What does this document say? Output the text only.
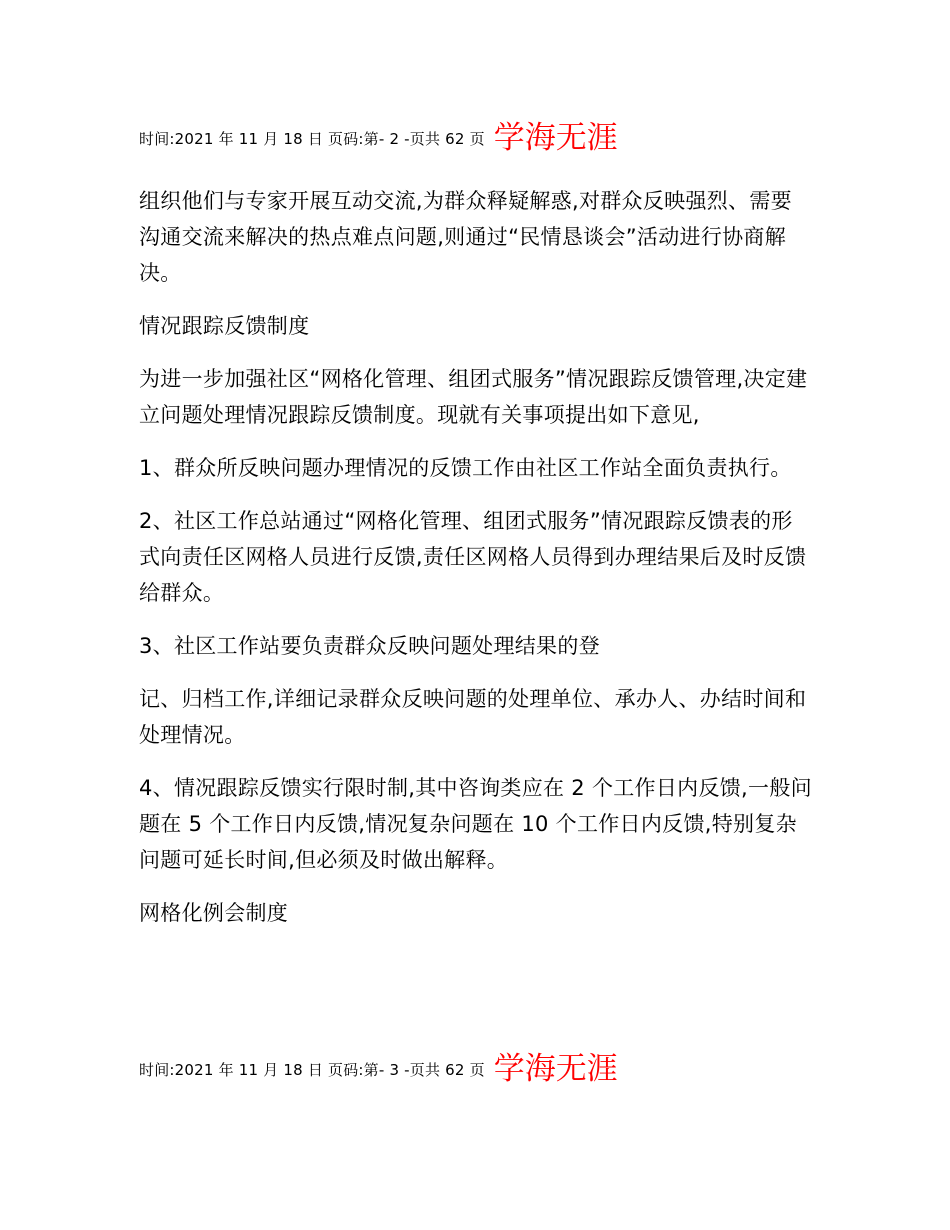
时间:2021 年 11 月 18 日 页码:第- 2 -页共 62 页 学海无涯

组织他们与专家开展互动交流,为群众释疑解惑,对群众反映强烈、需要沟通交流来解决的热点难点问题,则通过“民情恳谈会”活动进行协商解决。

情况跟踪反馈制度

为进一步加强社区“网格化管理、组团式服务”情况跟踪反馈管理,决定建立问题处理情况跟踪反馈制度。现就有关事项提出如下意见,

1、群众所反映问题办理情况的反馈工作由社区工作站全面负责执行。

2、社区工作总站通过“网格化管理、组团式服务”情况跟踪反馈表的形式向责任区网格人员进行反馈,责任区网格人员得到办理结果后及时反馈给群众。

3、社区工作站要负责群众反映问题处理结果的登

记、归档工作,详细记录群众反映问题的处理单位、承办人、办结时间和处理情况。

4、情况跟踪反馈实行限时制,其中咨询类应在 2 个工作日内反馈,一般问题在 5 个工作日内反馈,情况复杂问题在 10 个工作日内反馈,特别复杂问题可延长时间,但必须及时做出解释。

网格化例会制度

时间:2021 年 11 月 18 日 页码:第- 3 -页共 62 页 学海无涯
